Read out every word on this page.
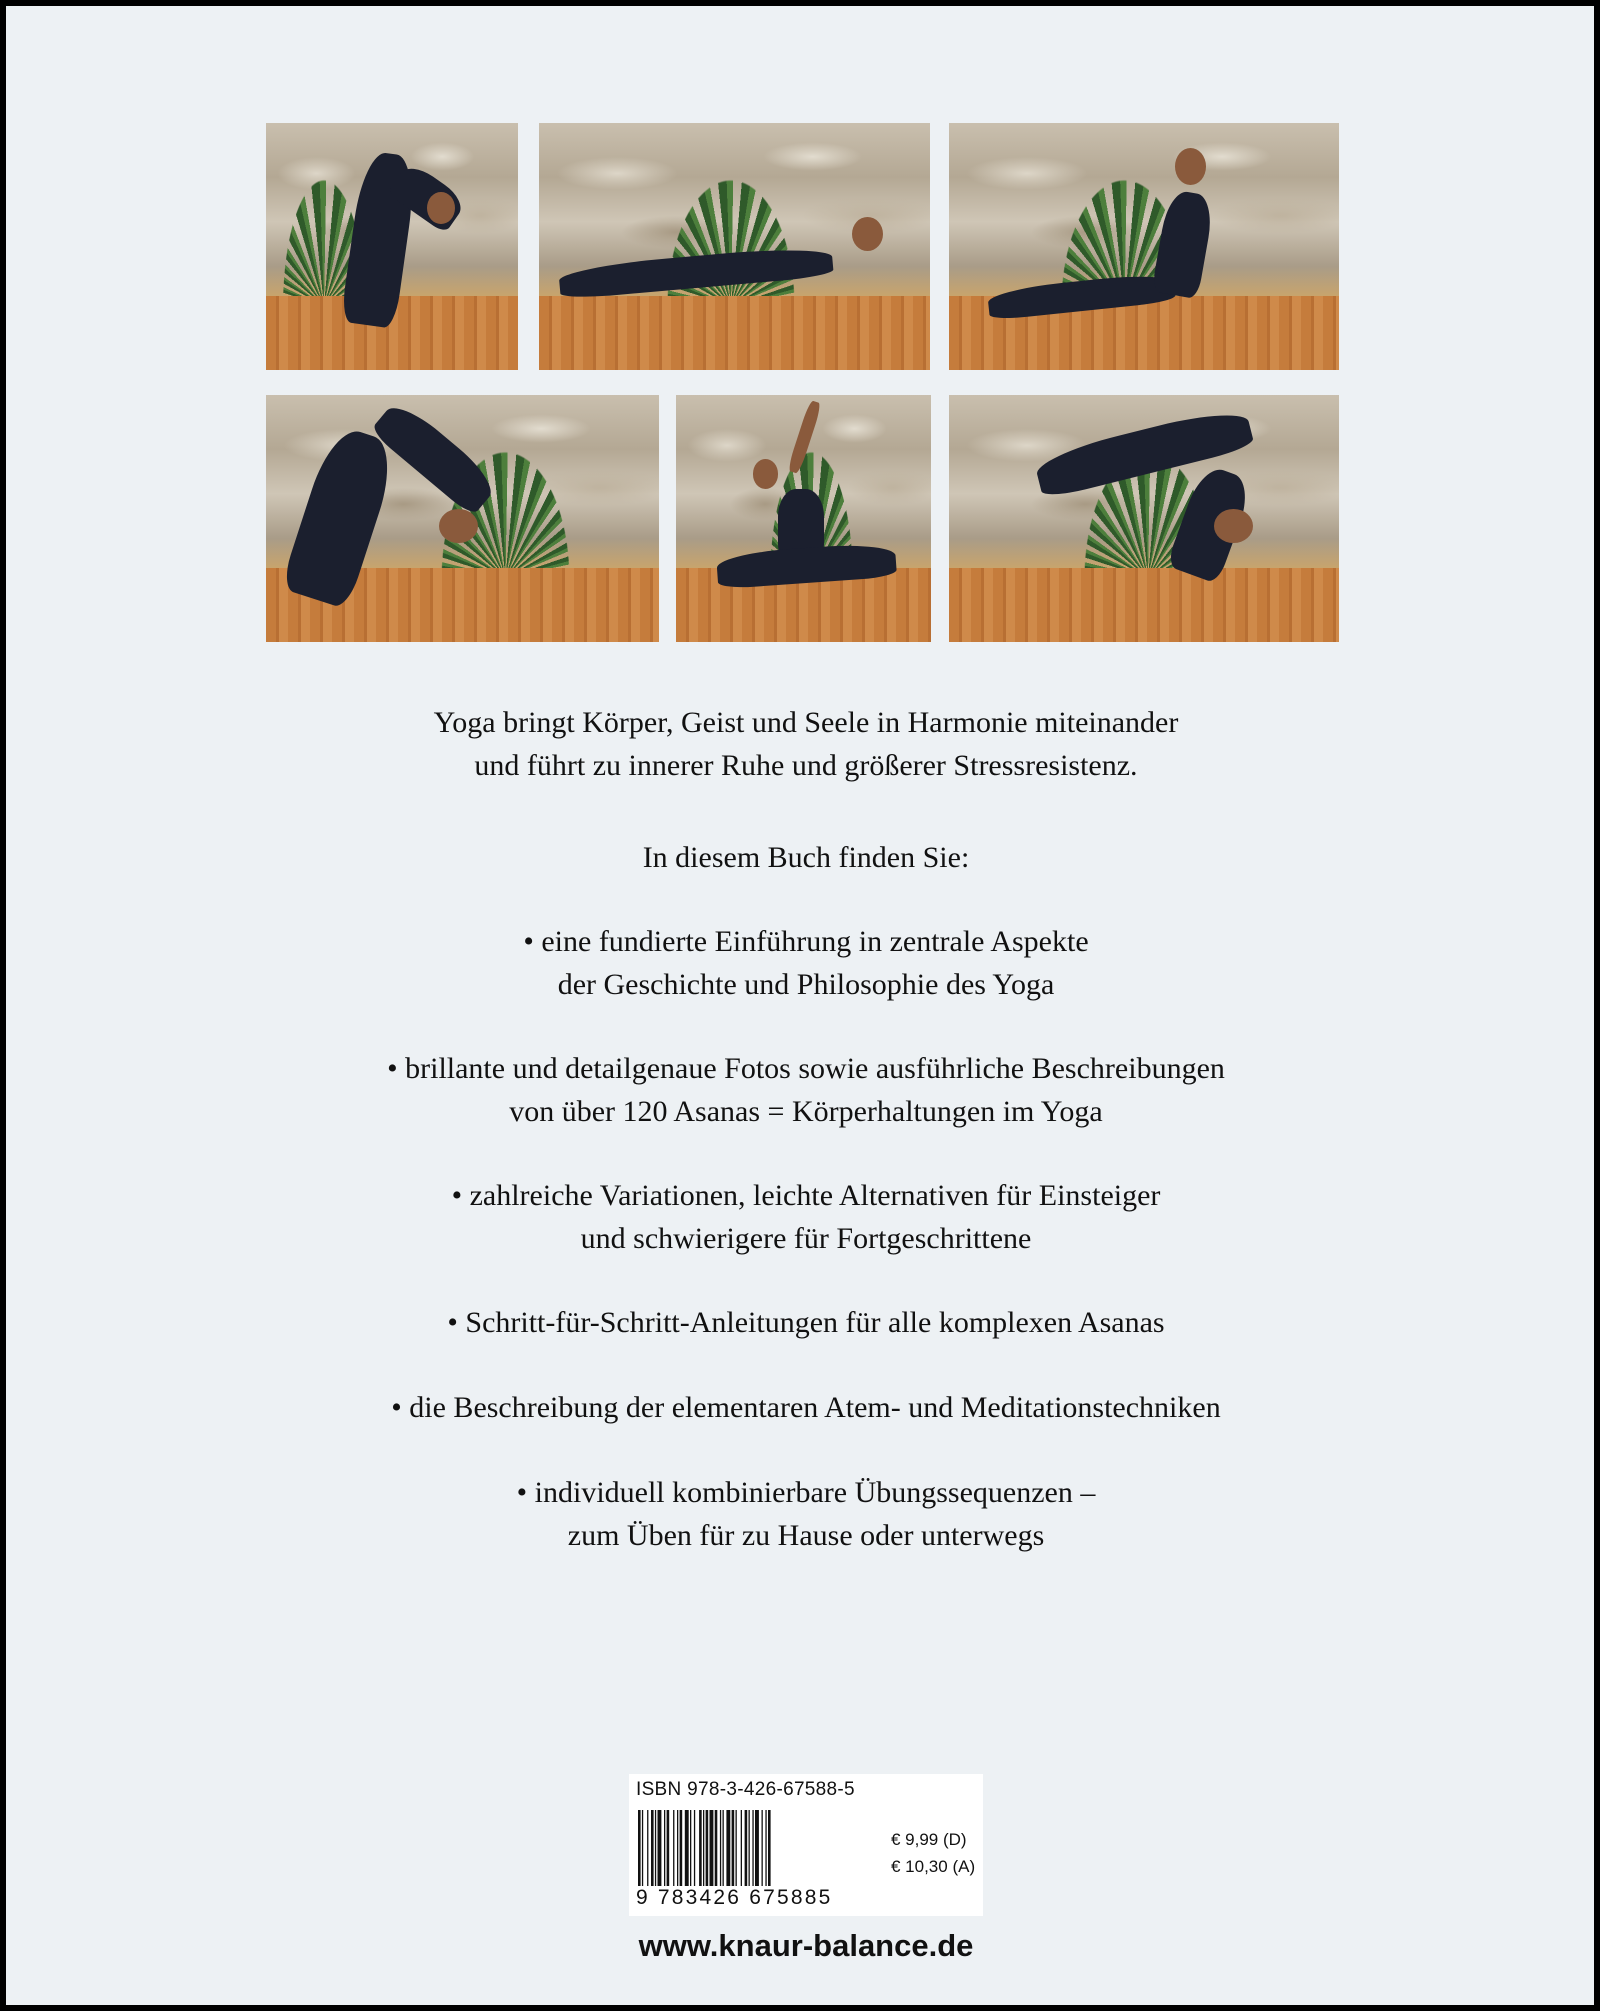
Yoga bringt Körper, Geist und Seele in Harmonie miteinander

und führt zu innerer Ruhe und größerer Stressresistenz.

In diesem Buch finden Sie:

• eine fundierte Einführung in zentrale Aspekte

der Geschichte und Philosophie des Yoga

• brillante und detailgenaue Fotos sowie ausführliche Beschreibungen

von über 120 Asanas = Körperhaltungen im Yoga

• zahlreiche Variationen, leichte Alternativen für Einsteiger

und schwierigere für Fortgeschrittene

• Schritt-für-Schritt-Anleitungen für alle komplexen Asanas

• die Beschreibung der elementaren Atem- und Meditationstechniken

• individuell kombinierbare Übungssequenzen –

zum Üben für zu Hause oder unterwegs

ISBN 978-3-426-67588-5
9 783426 675885
€ 9,99 (D)
€ 10,30 (A)
www.knaur-balance.de
